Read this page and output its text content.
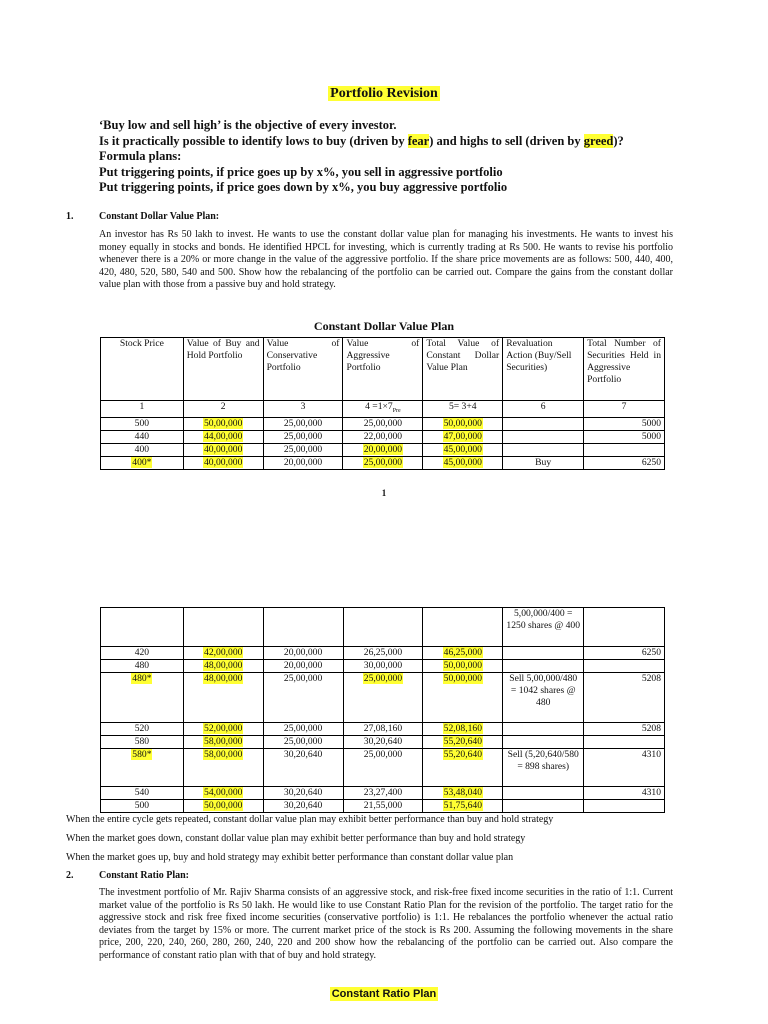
Portfolio Revision
‘Buy low and sell high’ is the objective of every investor.
Is it practically possible to identify lows to buy (driven by fear) and highs to sell (driven by greed)?
Formula plans:
Put triggering points, if price goes up by x%, you sell in aggressive portfolio
Put triggering points, if price goes down by x%, you buy aggressive portfolio
1.	Constant Dollar Value Plan:
An investor has Rs 50 lakh to invest. He wants to use the constant dollar value plan for managing his investments. He wants to invest his money equally in stocks and bonds. He identified HPCL for investing, which is currently trading at Rs 500. He wants to revise his portfolio whenever there is a 20% or more change in the value of the aggressive portfolio. If the share price movements are as follows: 500, 440, 400, 420, 480, 520, 580, 540 and 500. Show how the rebalancing of the portfolio can be carried out. Compare the gains from the constant dollar value plan with those from a passive buy and hold strategy.
Constant Dollar Value Plan
Stock Price	Value of Buy and Hold Portfolio	Value of Conservative Portfolio	Value of Aggressive Portfolio	Total Value of Constant Dollar Value Plan	Revaluation Action (Buy/Sell Securities)	Total Number of Securities Held in Aggressive Portfolio
1	2	3	$4 =1\times 7_{Pre}$	5= 3+4	6	7
500	50,00,000	25,00,000	25,00,000	50,00,000		5000
440	44,00,000	25,00,000	22,00,000	47,00,000		5000
400	40,00,000	25,00,000	20,00,000	45,00,000		
400*	40,00,000	20,00,000	25,00,000	45,00,000	Buy	6250
1
					5,00,000/400 = 1250 shares @ 400	
420	42,00,000	20,00,000	26,25,000	46,25,000		6250
480	48,00,000	20,00,000	30,00,000	50,00,000		
480*	48,00,000	25,00,000	25,00,000	50,00,000	Sell 5,00,000/480 = 1042 shares @ 480	5208
520	52,00,000	25,00,000	27,08,160	52,08,160		5208
580	58,00,000	25,00,000	30,20,640	55,20,640		
580*	58,00,000	30,20,640	25,00,000	55,20,640	Sell (5,20,640/580 = 898 shares)	4310
540	54,00,000	30,20,640	23,27,400	53,48,040		4310
500	50,00,000	30,20,640	21,55,000	51,75,640		
When the entire cycle gets repeated, constant dollar value plan may exhibit better performance than buy and hold strategy
When the market goes down, constant dollar value plan may exhibit better performance than buy and hold strategy
When the market goes up, buy and hold strategy may exhibit better performance than constant dollar value plan
2.	Constant Ratio Plan:
The investment portfolio of Mr. Rajiv Sharma consists of an aggressive stock, and risk-free fixed income securities in the ratio of 1:1. Current market value of the portfolio is Rs 50 lakh. He would like to use Constant Ratio Plan for the revision of the portfolio. The target ratio for the aggressive stock and risk free fixed income securities (conservative portfolio) is 1:1. He rebalances the portfolio whenever the actual ratio deviates from the target by 15% or more. The current market price of the stock is Rs 200. Assuming the following movements in the share price, 200, 220, 240, 260, 280, 260, 240, 220 and 200 show how the rebalancing of the portfolio can be carried out. Also compare the performance of constant ratio plan with that of buy and hold strategy.
Constant Ratio Plan
